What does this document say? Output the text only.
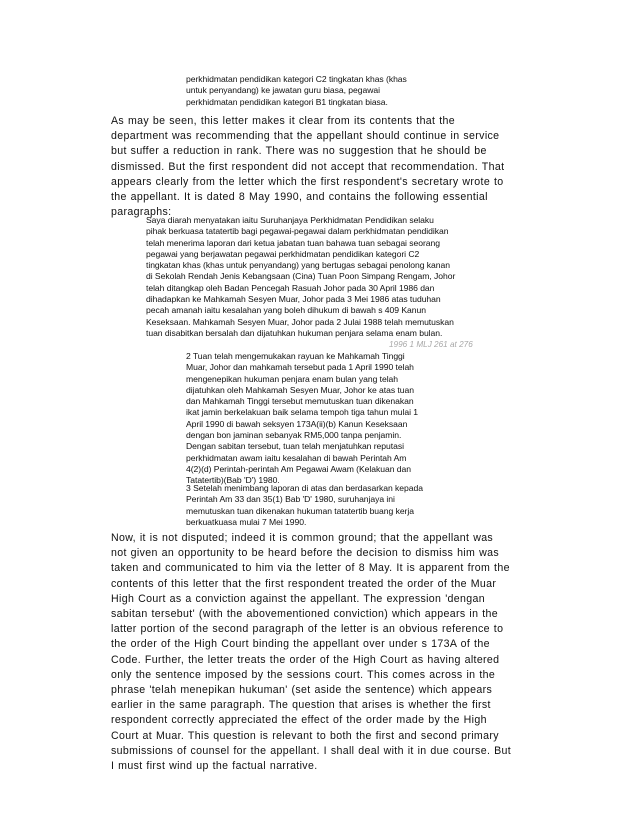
perkhidmatan pendidikan kategori C2 tingkatan khas (khas
untuk penyandang) ke jawatan guru biasa, pegawai
perkhidmatan pendidikan kategori B1 tingkatan biasa.
As may be seen, this letter makes it clear from its contents that the
department was recommending that the appellant should continue in service
but suffer a reduction in rank. There was no suggestion that he should be
dismissed. But the first respondent did not accept that recommendation. That
appears clearly from the letter which the first respondent's secretary wrote to
the appellant. It is dated 8 May 1990, and contains the following essential
paragraphs:
Saya diarah menyatakan iaitu Suruhanjaya Perkhidmatan Pendidikan selaku
pihak berkuasa tatatertib bagi pegawai-pegawai dalam perkhidmatan pendidikan
telah menerima laporan dari ketua jabatan tuan bahawa tuan sebagai seorang
pegawai yang berjawatan pegawai perkhidmatan pendidikan kategori C2
tingkatan khas (khas untuk penyandang) yang bertugas sebagai penolong kanan
di Sekolah Rendah Jenis Kebangsaan (Cina) Tuan Poon Simpang Rengam, Johor
telah ditangkap oleh Badan Pencegah Rasuah Johor pada 30 April 1986 dan
dihadapkan ke Mahkamah Sesyen Muar, Johor pada 3 Mei 1986 atas tuduhan
pecah amanah iaitu kesalahan yang boleh dihukum di bawah s 409 Kanun
Keseksaan. Mahkamah Sesyen Muar, Johor pada 2 Julai 1988 telah memutuskan
tuan disabitkan bersalah dan dijatuhkan hukuman penjara selama enam bulan.
1996 1 MLJ 261 at 276
2 Tuan telah mengemukakan rayuan ke Mahkamah Tinggi
Muar, Johor dan mahkamah tersebut pada 1 April 1990 telah
mengenepikan hukuman penjara enam bulan yang telah
dijatuhkan oleh Mahkamah Sesyen Muar, Johor ke atas tuan
dan Mahkamah Tinggi tersebut memutuskan tuan dikenakan
ikat jamin berkelakuan baik selama tempoh tiga tahun mulai 1
April 1990 di bawah seksyen 173A(ii)(b) Kanun Keseksaan
dengan bon jaminan sebanyak RM5,000 tanpa penjamin.
Dengan sabitan tersebut, tuan telah menjatuhkan reputasi
perkhidmatan awam iaitu kesalahan di bawah Perintah Am
4(2)(d) Perintah-perintah Am Pegawai Awam (Kelakuan dan
Tatatertib)(Bab 'D') 1980.
3 Setelah menimbang laporan di atas dan berdasarkan kepada
Perintah Am 33 dan 35(1) Bab 'D' 1980, suruhanjaya ini
memutuskan tuan dikenakan hukuman tatatertib buang kerja
berkuatkuasa mulai 7 Mei 1990.
Now, it is not disputed; indeed it is common ground; that the appellant was
not given an opportunity to be heard before the decision to dismiss him was
taken and communicated to him via the letter of 8 May. It is apparent from the
contents of this letter that the first respondent treated the order of the Muar
High Court as a conviction against the appellant. The expression 'dengan
sabitan tersebut' (with the abovementioned conviction) which appears in the
latter portion of the second paragraph of the letter is an obvious reference to
the order of the High Court binding the appellant over under s 173A of the
Code. Further, the letter treats the order of the High Court as having altered
only the sentence imposed by the sessions court. This comes across in the
phrase 'telah menepikan hukuman' (set aside the sentence) which appears
earlier in the same paragraph. The question that arises is whether the first
respondent correctly appreciated the effect of the order made by the High
Court at Muar. This question is relevant to both the first and second primary
submissions of counsel for the appellant. I shall deal with it in due course. But
I must first wind up the factual narrative.
